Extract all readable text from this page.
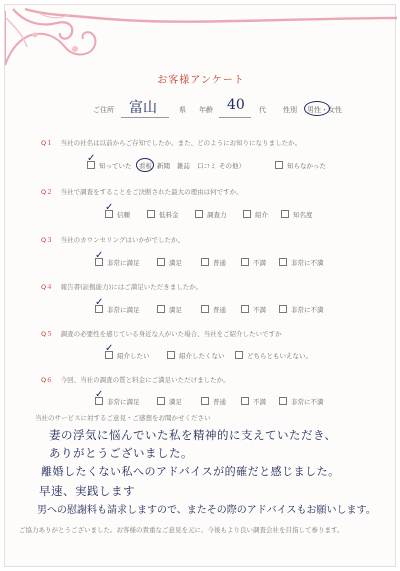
お客様アンケート
ご住所 富山	県 年齢 40 代 性別 男性・女性
Q１ 当社の社名は以前からご存知でしたか。また、どのようにお知りになりましたか。
知っていた 看板 新聞 雑誌 口コミ その他）	知らなかった
✓
Q２ 当社で調査をすることをご決断された最大の理由は何ですか。
信頼	低料金	調査力	紹介	知名度
✓
Q３ 当社のカウンセリングはいかがでしたか。
非常に満足	満足	普通	不満	非常に不満
✓
Q４ 報告書(証拠能力)にはご満足いただきましたか。
非常に満足	満足	普通	不満	非常に不満
✓
Q５ 調査の必要性を感じている身近な人がいた場合、当社をご紹介したいですか
紹介したい	紹介したくない	どちらともいえない。
✓
Q６ 今回、当社の調査の質と料金にご満足いただけましたか。
非常に満足	満足	普通	不満	非常に不満
✓
当社のサービスに対するご意見・ご感想をお聞かせください
妻の浮気に悩んでいた私を精神的に支えていただき、
ありがとうございました。
離婚したくない私へのアドバイスが的確だと感じました。
早速、実践します
男への慰謝料も請求しますので、またその際のアドバイスもお願いします。
ご協力ありがとうございました。お客様の貴重なご意見を元に、今後もより良い調査会社を目指して参ります。
